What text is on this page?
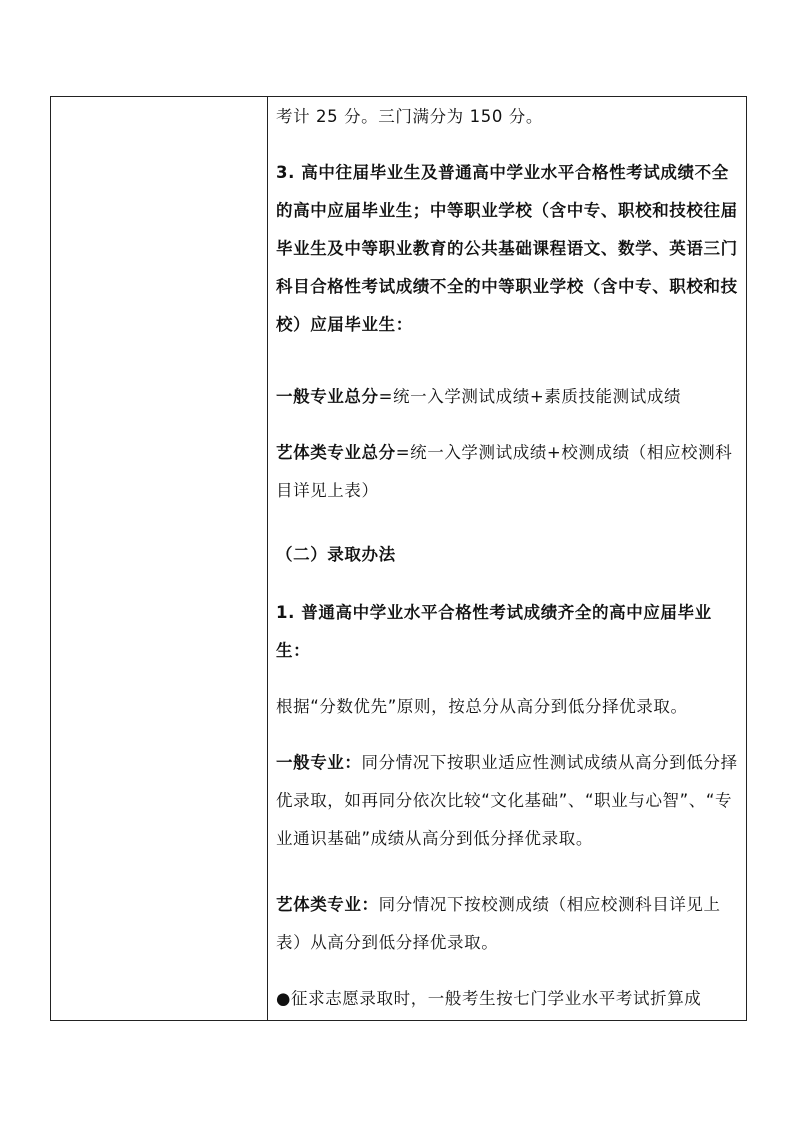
考计 25 分。三门满分为 150 分。

3. 高中往届毕业生及普通高中学业水平合格性考试成绩不全的高中应届毕业生；中等职业学校（含中专、职校和技校往届毕业生及中等职业教育的公共基础课程语文、数学、英语三门科目合格性考试成绩不全的中等职业学校（含中专、职校和技校）应届毕业生：

一般专业总分=统一入学测试成绩+素质技能测试成绩

艺体类专业总分=统一入学测试成绩+校测成绩（相应校测科目详见上表）

（二）录取办法

1. 普通高中学业水平合格性考试成绩齐全的高中应届毕业生：

根据“分数优先”原则，按总分从高分到低分择优录取。

一般专业：同分情况下按职业适应性测试成绩从高分到低分择优录取，如再同分依次比较“文化基础”、“职业与心智”、“专业通识基础”成绩从高分到低分择优录取。

艺体类专业：同分情况下按校测成绩（相应校测科目详见上表）从高分到低分择优录取。

●征求志愿录取时，一般考生按七门学业水平考试折算成
